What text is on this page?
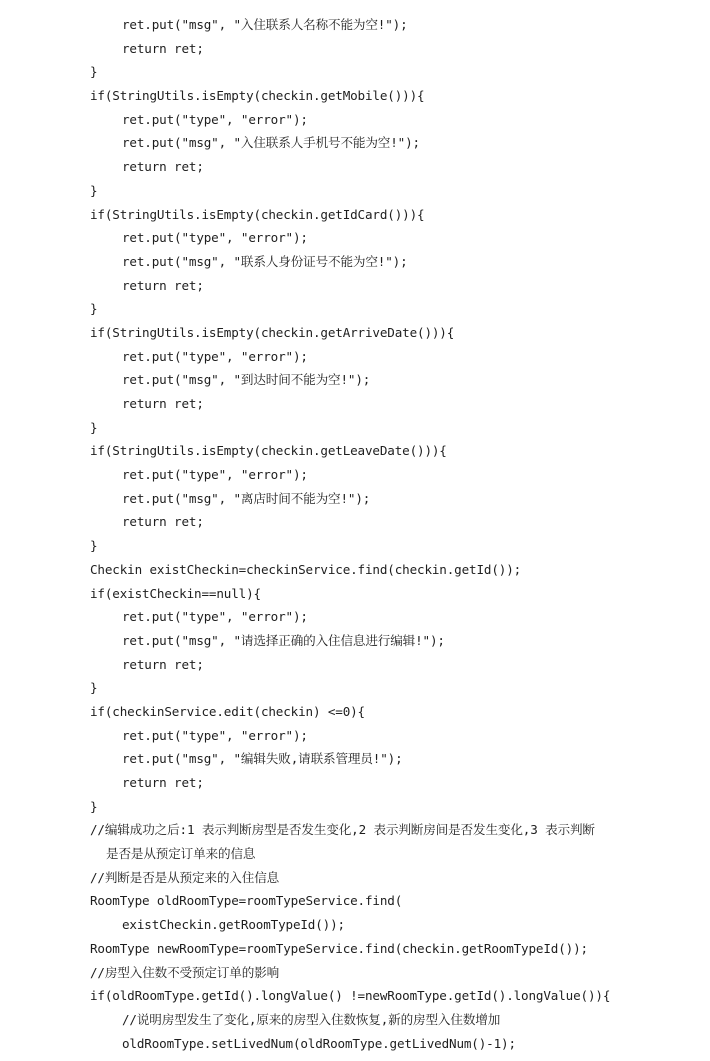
ret.put("msg", "入住联系人名称不能为空!");
return ret;
}
if(StringUtils.isEmpty(checkin.getMobile())){
ret.put("type", "error");
ret.put("msg", "入住联系人手机号不能为空!");
return ret;
}
if(StringUtils.isEmpty(checkin.getIdCard())){
ret.put("type", "error");
ret.put("msg", "联系人身份证号不能为空!");
return ret;
}
if(StringUtils.isEmpty(checkin.getArriveDate())){
ret.put("type", "error");
ret.put("msg", "到达时间不能为空!");
return ret;
}
if(StringUtils.isEmpty(checkin.getLeaveDate())){
ret.put("type", "error");
ret.put("msg", "离店时间不能为空!");
return ret;
}
Checkin existCheckin=checkinService.find(checkin.getId());
if(existCheckin==null){
ret.put("type", "error");
ret.put("msg", "请选择正确的入住信息进行编辑!");
return ret;
}
if(checkinService.edit(checkin) <=0){
ret.put("type", "error");
ret.put("msg", "编辑失败,请联系管理员!");
return ret;
}
//编辑成功之后:1 表示判断房型是否发生变化,2 表示判断房间是否发生变化,3 表示判断
是否是从预定订单来的信息
//判断是否是从预定来的入住信息
RoomType oldRoomType=roomTypeService.find(
existCheckin.getRoomTypeId());
RoomType newRoomType=roomTypeService.find(checkin.getRoomTypeId());
//房型入住数不受预定订单的影响
if(oldRoomType.getId().longValue() !=newRoomType.getId().longValue()){
//说明房型发生了变化,原来的房型入住数恢复,新的房型入住数增加
oldRoomType.setLivedNum(oldRoomType.getLivedNum()-1);
